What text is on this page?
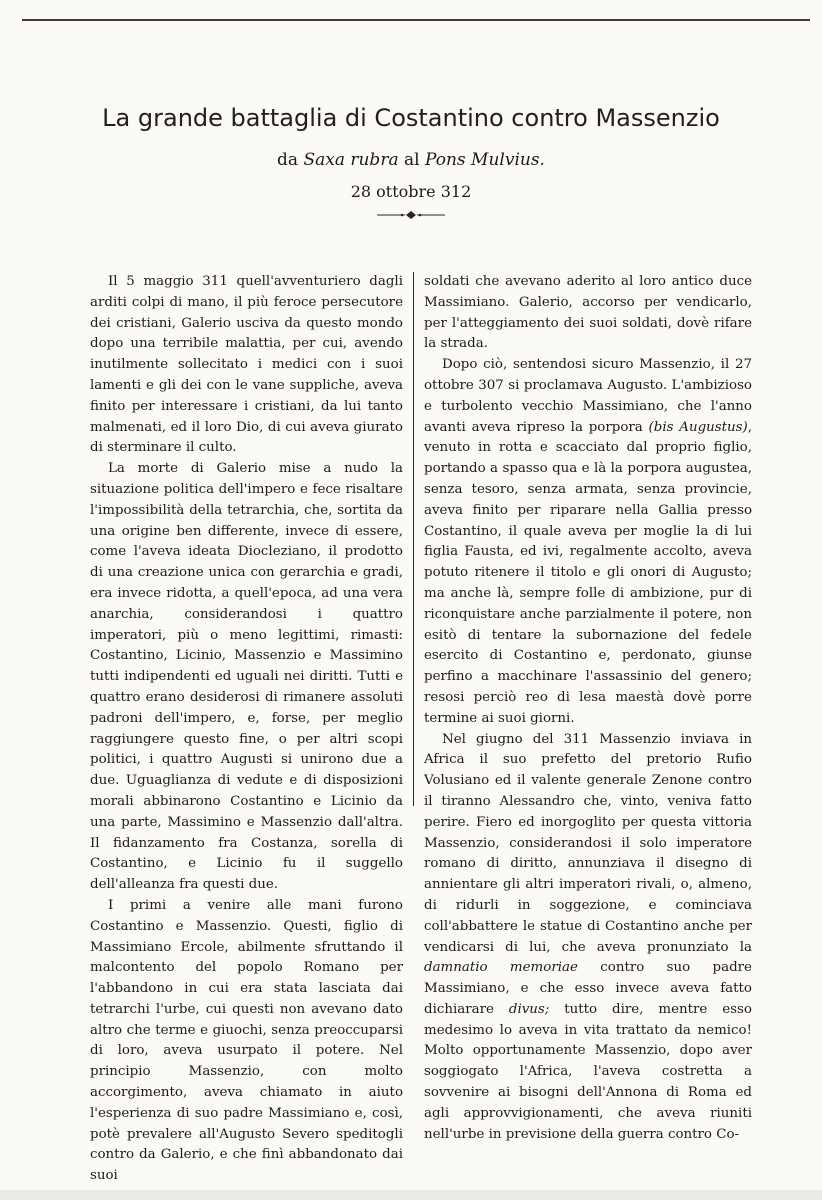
La grande battaglia di Costantino contro Massenzio
da Saxa rubra al Pons Mulvius.
28 ottobre 312

Il 5 maggio 311 quell'avventuriero dagli arditi colpi di mano, il più feroce persecutore dei cristiani, Galerio usciva da questo mondo dopo una terribile malattia, per cui, avendo inutilmente sollecitato i medici con i suoi lamenti e gli dei con le vane suppliche, aveva finito per interessare i cristiani, da lui tanto malmenati, ed il loro Dio, di cui aveva giurato di sterminare il culto.

La morte di Galerio mise a nudo la situazione politica dell'impero e fece risaltare l'impossibilità della tetrarchia, che, sortita da una origine ben differente, invece di essere, come l'aveva ideata Diocleziano, il prodotto di una creazione unica con gerarchia e gradi, era invece ridotta, a quell'epoca, ad una vera anarchia, considerandosi i quattro imperatori, più o meno legittimi, rimasti: Costantino, Licinio, Massenzio e Massimino tutti indipendenti ed uguali nei diritti. Tutti e quattro erano desiderosi di rimanere assoluti padroni dell'impero, e, forse, per meglio raggiungere questo fine, o per altri scopi politici, i quattro Augusti si unirono due a due. Uguaglianza di vedute e di disposizioni morali abbinarono Costantino e Licinio da una parte, Massimino e Massenzio dall'altra. Il fidanzamento fra Costanza, sorella di Costantino, e Licinio fu il suggello dell'alleanza fra questi due.

I primi a venire alle mani furono Costantino e Massenzio. Questi, figlio di Massimiano Ercole, abilmente sfruttando il malcontento del popolo Romano per l'abbandono in cui era stata lasciata dai tetrarchi l'urbe, cui questi non avevano dato altro che terme e giuochi, senza preoccuparsi di loro, aveva usurpato il potere. Nel principio Massenzio, con molto accorgimento, aveva chiamato in aiuto l'esperienza di suo padre Massimiano e, così, potè prevalere all'Augusto Severo speditogli contro da Galerio, e che finì abbandonato dai suoi

soldati che avevano aderito al loro antico duce Massimiano. Galerio, accorso per vendicarlo, per l'atteggiamento dei suoi soldati, dovè rifare la strada.

Dopo ciò, sentendosi sicuro Massenzio, il 27 ottobre 307 si proclamava Augusto. L'ambizioso e turbolento vecchio Massimiano, che l'anno avanti aveva ripreso la porpora (bis Augustus), venuto in rotta e scacciato dal proprio figlio, portando a spasso qua e là la porpora augustea, senza tesoro, senza armata, senza provincie, aveva finito per riparare nella Gallia presso Costantino, il quale aveva per moglie la di lui figlia Fausta, ed ivi, regalmente accolto, aveva potuto ritenere il titolo e gli onori di Augusto; ma anche là, sempre folle di ambizione, pur di riconquistare anche parzialmente il potere, non esitò di tentare la subornazione del fedele esercito di Costantino e, perdonato, giunse perfino a macchinare l'assassinio del genero; resosi perciò reo di lesa maestà dovè porre termine ai suoi giorni.

Nel giugno del 311 Massenzio inviava in Africa il suo prefetto del pretorio Rufio Volusiano ed il valente generale Zenone contro il tiranno Alessandro che, vinto, veniva fatto perire. Fiero ed inorgoglito per questa vittoria Massenzio, considerandosi il solo imperatore romano di diritto, annunziava il disegno di annientare gli altri imperatori rivali, o, almeno, di ridurli in soggezione, e cominciava coll'abbattere le statue di Costantino anche per vendicarsi di lui, che aveva pronunziato la damnatio memoriae contro suo padre Massimiano, e che esso invece aveva fatto dichiarare divus; tutto dire, mentre esso medesimo lo aveva in vita trattato da nemico! Molto opportunamente Massenzio, dopo aver soggiogato l'Africa, l'aveva costretta a sovvenire ai bisogni dell'Annona di Roma ed agli approvvigionamenti, che aveva riuniti nell'urbe in previsione della guerra contro Co-
